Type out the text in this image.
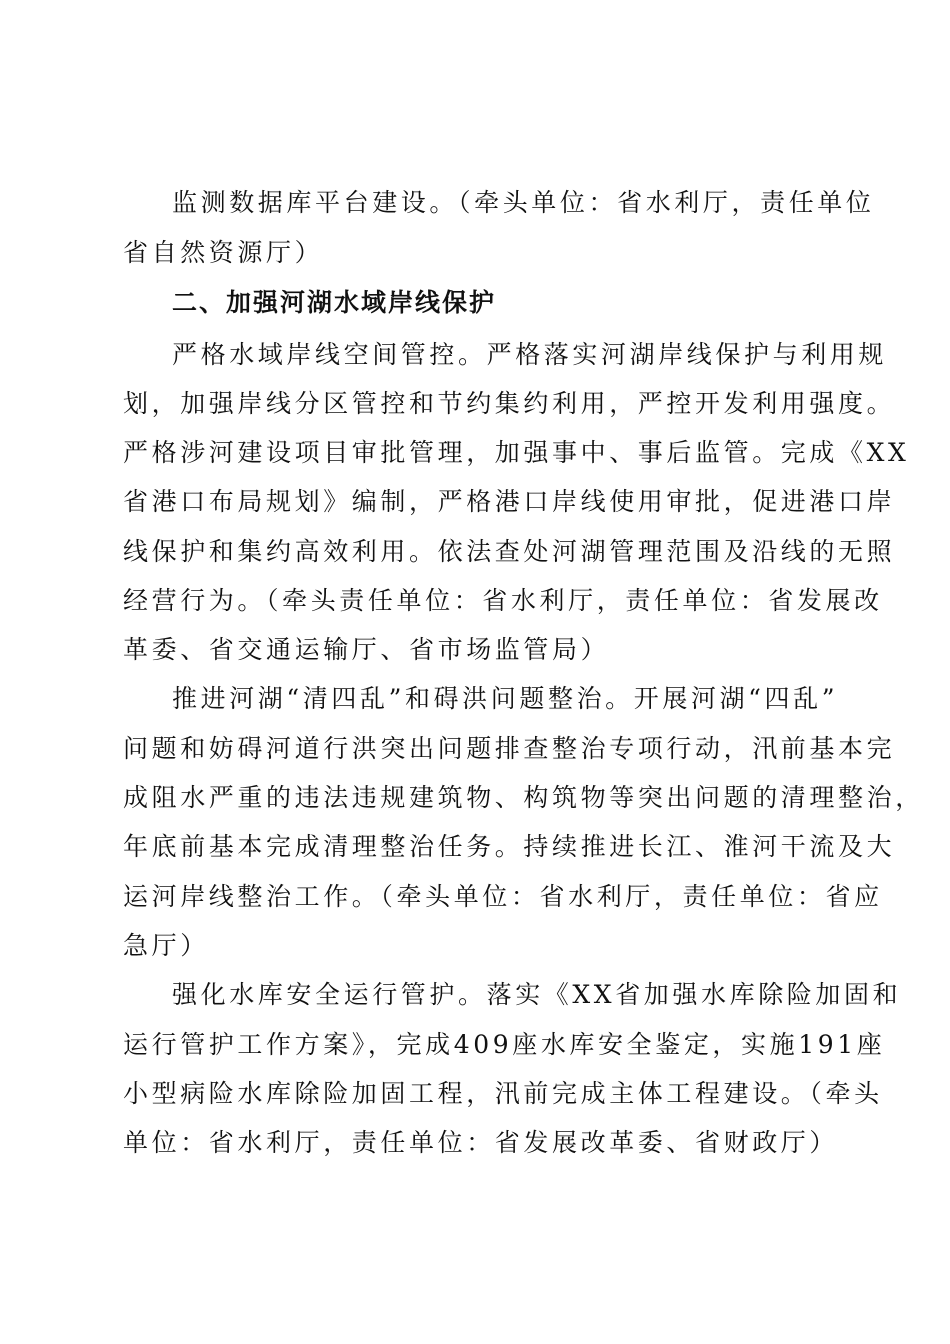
监测数据库平台建设。（牵头单位：省水利厅，责任单位

省自然资源厅）

二、加强河湖水域岸线保护

严格水域岸线空间管控。严格落实河湖岸线保护与利用规

划，加强岸线分区管控和节约集约利用，严控开发利用强度。

严格涉河建设项目审批管理，加强事中、事后监管。完成《XX

省港口布局规划》编制，严格港口岸线使用审批，促进港口岸

线保护和集约高效利用。依法查处河湖管理范围及沿线的无照

经营行为。（牵头责任单位：省水利厅，责任单位：省发展改

革委、省交通运输厅、省市场监管局）

推进河湖“清四乱”和碍洪问题整治。开展河湖“四乱”

问题和妨碍河道行洪突出问题排查整治专项行动，汛前基本完

成阻水严重的违法违规建筑物、构筑物等突出问题的清理整治，

年底前基本完成清理整治任务。持续推进长江、淮河干流及大

运河岸线整治工作。（牵头单位：省水利厅，责任单位：省应

急厅）

强化水库安全运行管护。落实《XX省加强水库除险加固和

运行管护工作方案》，完成409座水库安全鉴定，实施191座

小型病险水库除险加固工程，汛前完成主体工程建设。（牵头

单位：省水利厅，责任单位：省发展改革委、省财政厅）
